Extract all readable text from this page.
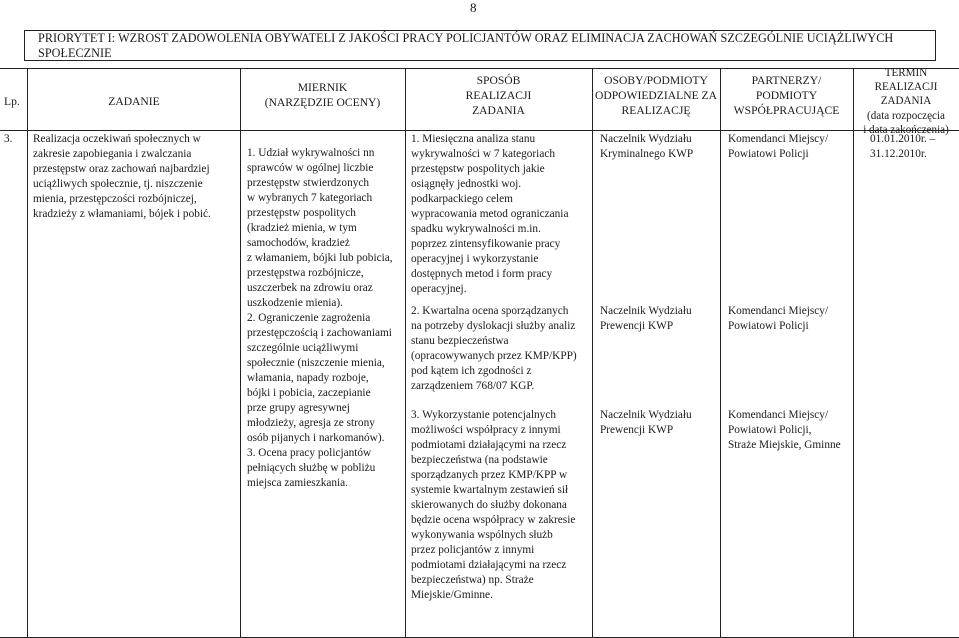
8
PRIORYTET I: WZROST ZADOWOLENIA OBYWATELI Z JAKOŚCI PRACY POLICJANTÓW ORAZ ELIMINACJA ZACHOWAŃ SZCZEGÓLNIE UCIĄŻLIWYCH SPOŁECZNIE
Lp.	ZADANIE
MIERNIK
(NARZĘDZIE OCENY)
SPOSÓB
REALIZACJI
ZADANIA
OSOBY/PODMIOTY
ODPOWIEDZIALNE ZA
REALIZACJĘ
PARTNERZY/
PODMIOTY
WSPÓŁPRACUJĄCE
TERMIN
REALIZACJI
ZADANIA
(data rozpoczęcia
i data zakończenia)
3. Realizacja oczekiwań społecznych w
zakresie zapobiegania i zwalczania
przestępstw oraz zachowań najbardziej
uciążliwych społecznie, tj. niszczenie
mienia, przestępczości rozbójniczej,
kradzieży z włamaniami, bójek i pobić.
1. Udział wykrywalności nn
sprawców w ogólnej liczbie
przestępstw stwierdzonych
w wybranych 7 kategoriach
przestępstw pospolitych
(kradzież mienia, w tym
samochodów, kradzież
z włamaniem, bójki lub pobicia,
przestępstwa rozbójnicze,
uszczerbek na zdrowiu oraz
uszkodzenie mienia).
2. Ograniczenie zagrożenia
przestępczością i zachowaniami
szczególnie uciążliwymi
społecznie (niszczenie mienia,
włamania, napady rozboje,
bójki i pobicia, zaczepianie
prze grupy agresywnej
młodzieży, agresja ze strony
osób pijanych i narkomanów).
3. Ocena pracy policjantów
pełniących służbę w pobliżu
miejsca zamieszkania.
1. Miesięczna analiza stanu
wykrywalności w 7 kategoriach
przestępstw pospolitych jakie
osiągnęły jednostki woj.
podkarpackiego celem
wypracowania metod ograniczania
spadku wykrywalności m.in.
poprzez zintensyfikowanie pracy
operacyjnej i wykorzystanie
dostępnych metod i form pracy
operacyjnej.
2. Kwartalna ocena sporządzanych
na potrzeby dyslokacji służby analiz
stanu bezpieczeństwa
(opracowywanych przez KMP/KPP)
pod kątem ich zgodności z
zarządzeniem 768/07 KGP.
3. Wykorzystanie potencjalnych
możliwości współpracy z innymi
podmiotami działającymi na rzecz
bezpieczeństwa (na podstawie
sporządzanych przez KMP/KPP w
systemie kwartalnym zestawień sił
skierowanych do służby dokonana
będzie ocena współpracy w zakresie
wykonywania wspólnych służb
przez policjantów z innymi
podmiotami działającymi na rzecz
bezpieczeństwa) np. Straże
Miejskie/Gminne.
Naczelnik Wydziału
Kryminalnego KWP
Naczelnik Wydziału
Prewencji KWP
Naczelnik Wydziału
Prewencji KWP
Komendanci Miejscy/
Powiatowi Policji
Komendanci Miejscy/
Powiatowi Policji
Komendanci Miejscy/
Powiatowi Policji,
Straże Miejskie, Gminne
01.01.2010r. –
31.12.2010r.
